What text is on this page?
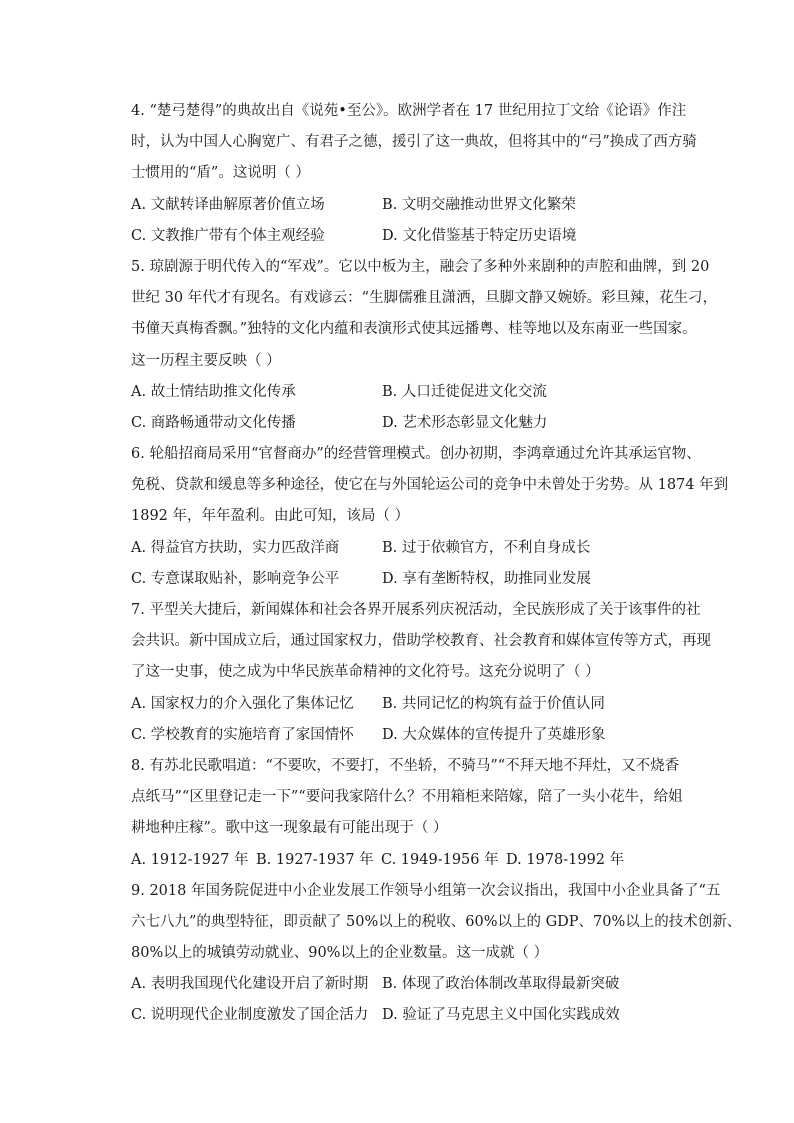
4. “楚弓楚得”的典故出自《说苑•至公》。欧洲学者在 17 世纪用拉丁文给《论语》作注
时，认为中国人心胸宽广、有君子之德，援引了这一典故，但将其中的“弓”换成了西方骑
士惯用的“盾”。这说明（ ）
A. 文献转译曲解原著价值立场	B. 文明交融推动世界文化繁荣
C. 文教推广带有个体主观经验	D. 文化借鉴基于特定历史语境
5. 琼剧源于明代传入的“军戏”。它以中板为主，融会了多种外来剧种的声腔和曲牌，到 20
世纪 30 年代才有现名。有戏谚云：“生脚儒雅且潇洒，旦脚文静又婉娇。彩旦辣，花生刁，
书僮天真梅香飘。”独特的文化内蕴和表演形式使其远播粤、桂等地以及东南亚一些国家。
这一历程主要反映（ ）
A. 故土情结助推文化传承	B. 人口迁徙促进文化交流
C. 商路畅通带动文化传播	D. 艺术形态彰显文化魅力
6. 轮船招商局采用“官督商办”的经营管理模式。创办初期，李鸿章通过允许其承运官物、
免税、贷款和缓息等多种途径，使它在与外国轮运公司的竞争中未曾处于劣势。从 1874 年到
1892 年，年年盈利。由此可知，该局（ ）
A. 得益官方扶助，实力匹敌洋商	B. 过于依赖官方，不利自身成长
C. 专意谋取贴补，影响竞争公平	D. 享有垄断特权，助推同业发展
7. 平型关大捷后，新闻媒体和社会各界开展系列庆祝活动，全民族形成了关于该事件的社
会共识。新中国成立后，通过国家权力，借助学校教育、社会教育和媒体宣传等方式，再现
了这一史事，使之成为中华民族革命精神的文化符号。这充分说明了（ ）
A. 国家权力的介入强化了集体记忆	B. 共同记忆的构筑有益于价值认同
C. 学校教育的实施培育了家国情怀	D. 大众媒体的宣传提升了英雄形象
8. 有苏北民歌唱道：“不要吹，不要打，不坐轿，不骑马”“不拜天地不拜灶，又不烧香
点纸马”“区里登记走一下”“要问我家陪什么？不用箱柜来陪嫁，陪了一头小花牛，给姐
耕地种庄稼”。歌中这一现象最有可能出现于（ ）
A. 1912-1927 年 B. 1927-1937 年 C. 1949-1956 年 D. 1978-1992 年
9. 2018 年国务院促进中小企业发展工作领导小组第一次会议指出，我国中小企业具备了“五
六七八九”的典型特征，即贡献了 50%以上的税收、60%以上的 GDP、70%以上的技术创新、
80%以上的城镇劳动就业、90%以上的企业数量。这一成就（ ）
A. 表明我国现代化建设开启了新时期 B. 体现了政治体制改革取得最新突破
C. 说明现代企业制度激发了国企活力 D. 验证了马克思主义中国化实践成效
